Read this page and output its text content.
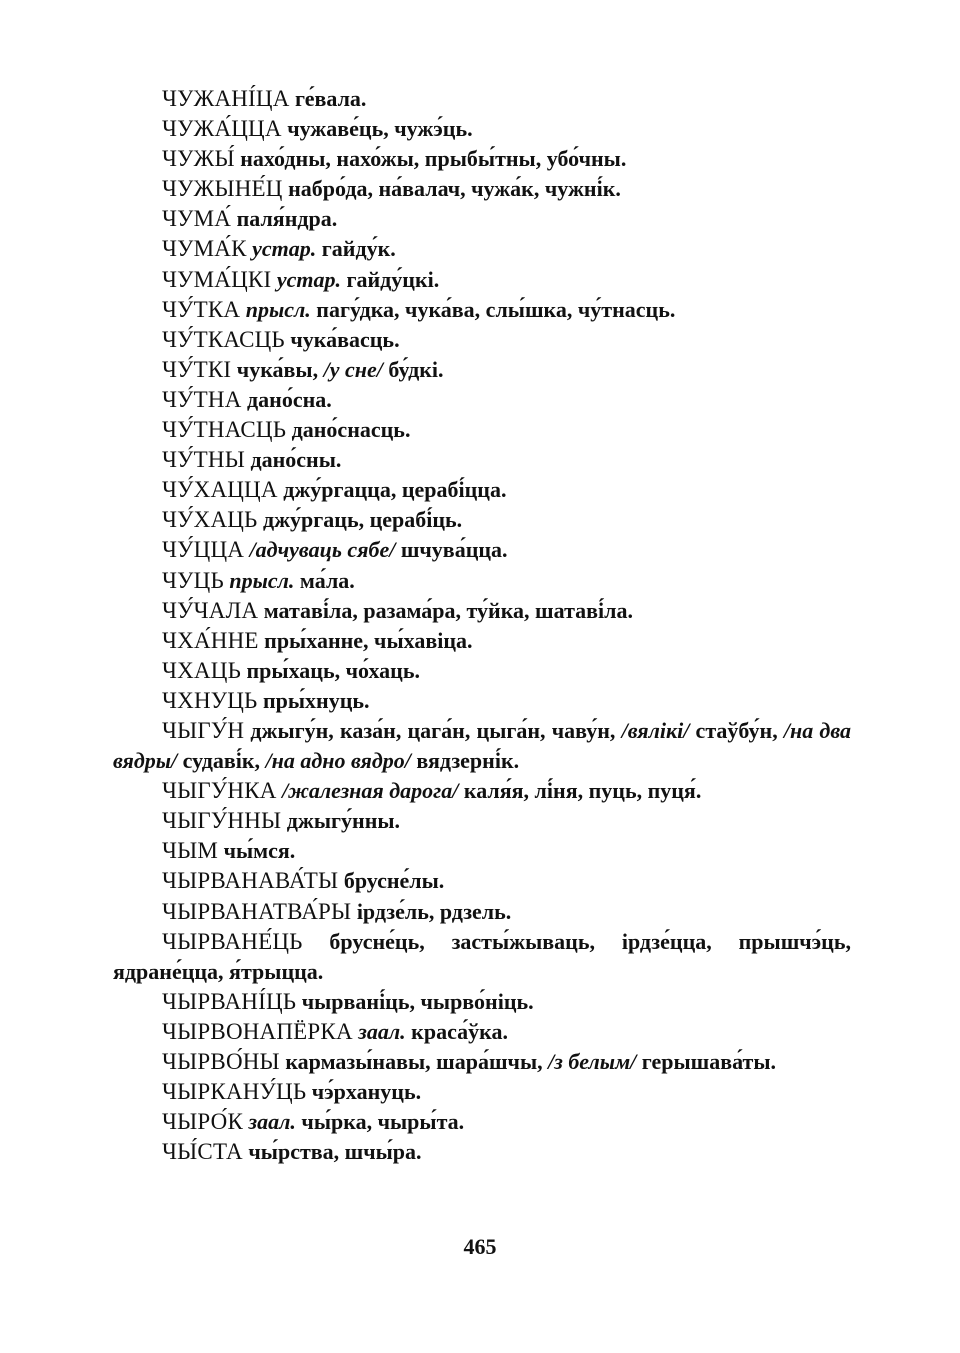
ЧУЖАНІ́ЦА ге́вала.

ЧУЖА́ЦЦА чужаве́ць, чужэ́ць.

ЧУЖЫ́ нахо́дны, нахо́жы, прыбы́тны, убо́чны.

ЧУЖЫНЕ́Ц набро́да, на́валач, чужа́к, чужні́к.

ЧУМА́ паля́ндра.

ЧУМА́К устар. гайду́к.

ЧУМА́ЦКІ устар. гайду́цкі.

ЧУ́ТКА прысл. пагу́дка, чука́ва, слы́шка, чу́тнасць.

ЧУ́ТКАСЦЬ чука́васць.

ЧУ́ТКІ чука́вы, /у сне/ бу́дкі.

ЧУ́ТНА дано́сна.

ЧУ́ТНАСЦЬ дано́снасць.

ЧУ́ТНЫ дано́сны.

ЧУ́ХАЦЦА джу́ргацца, церабі́цца.

ЧУ́ХАЦЬ джу́ргаць, церабі́ць.

ЧУ́ЦЦА /адчуваць сябе/ шчува́цца.

ЧУЦЬ прысл. ма́ла.

ЧУ́ЧАЛА матаві́ла, разама́ра, ту́йка, шатаві́ла.

ЧХА́ННЕ пры́ханне, чы́хавіца.

ЧХАЦЬ пры́хаць, чо́хаць.

ЧХНУЦЬ пры́хнуць.

ЧЫГУ́Н джыгу́н, каза́н, цага́н, цыга́н, чаву́н, /вялікі/ стаўбу́н, /на два вядры/ судаві́к, /на адно вядро/ вядзерні́к.

ЧЫГУ́НКА /жалезная дарога/ каля́я, лі́ня, пуць, пуця́.

ЧЫГУ́ННЫ джыгу́нны.

ЧЫМ чы́мся.

ЧЫРВАНАВА́ТЫ брусне́лы.

ЧЫРВАНАТВА́РЫ ірдзе́ль, рдзель.

ЧЫРВАНЕ́ЦЬ брусне́ць, засты́жываць, ірдзе́цца, прышчэ́ць, ядране́цца, я́трыцца.

ЧЫРВАНІ́ЦЬ чырвані́ць, чырво́ніць.

ЧЫРВОНАПЁРКА заал. краса́ўка.

ЧЫРВО́НЫ кармазы́навы, шара́шчы, /з белым/ герышава́ты.

ЧЫРКАНУ́ЦЬ чэ́рхануць.

ЧЫРО́К заал. чы́рка, чыры́та.

ЧЫ́СТА чы́рства, шчы́ра.

465
